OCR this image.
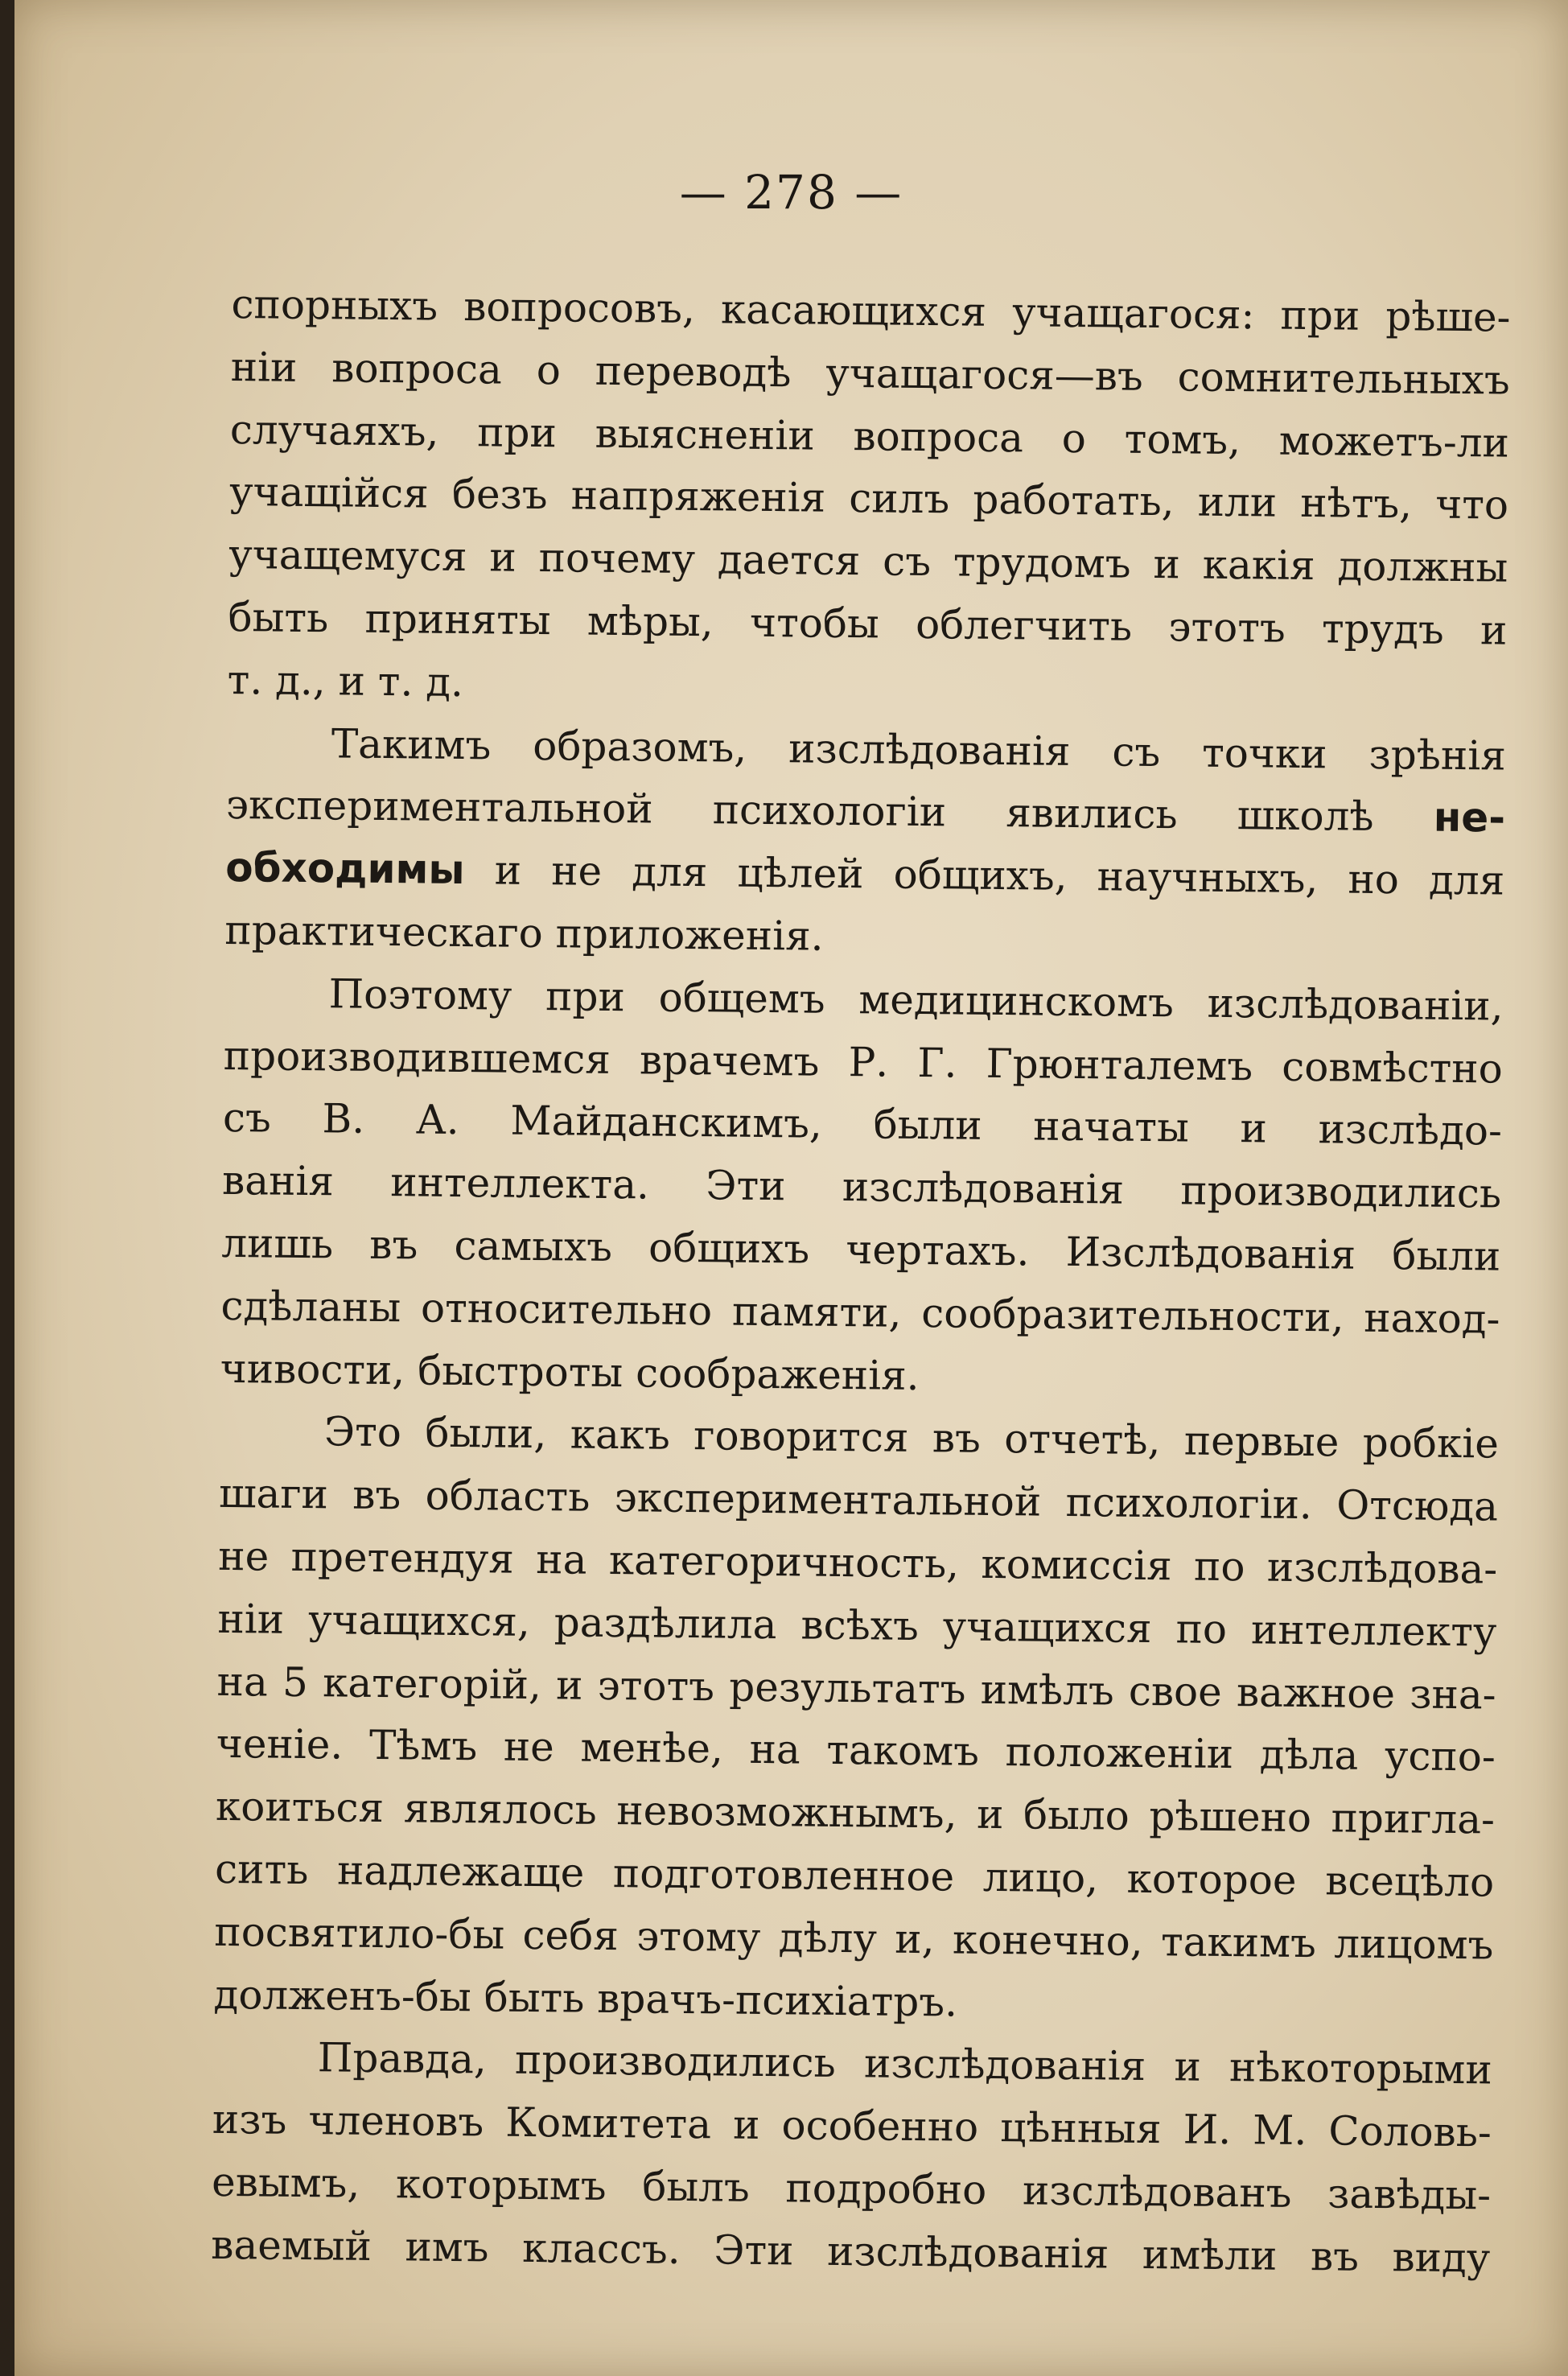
— 278 —

спорныхъ вопросовъ, касающихся учащагося: при рѣше-
нiи вопроса о переводѣ учащагося—въ сомнительныхъ
случаяхъ, при выясненiи вопроса о томъ, можетъ-ли
учащiйся безъ напряженiя силъ работать, или нѣтъ, что
учащемуся и почему дается съ трудомъ и какiя должны
быть приняты мѣры, чтобы облегчить этотъ трудъ и
т. д., и т. д.

Такимъ образомъ, изслѣдованiя съ точки зрѣнiя
экспериментальной психологiи явились школѣ не-
обходимы и не для цѣлей общихъ, научныхъ, но для
практическаго приложенiя.

Поэтому при общемъ медицинскомъ изслѣдованiи,
производившемся врачемъ Р. Г. Грюнталемъ совмѣстно
съ В. А. Майданскимъ, были начаты и изслѣдо-
ванiя интеллекта. Эти изслѣдованiя производились
лишь въ самыхъ общихъ чертахъ. Изслѣдованiя были
сдѣланы относительно памяти, сообразительности, наход-
чивости, быстроты соображенiя.

Это были, какъ говорится въ отчетѣ, первые робкiе
шаги въ область экспериментальной психологiи. Отсюда
не претендуя на категоричность, комиссiя по изслѣдова-
нiи учащихся, раздѣлила всѣхъ учащихся по интеллекту
на 5 категорiй, и этотъ результатъ имѣлъ свое важное зна-
ченiе. Тѣмъ не менѣе, на такомъ положенiи дѣла успо-
коиться являлось невозможнымъ, и было рѣшено пригла-
сить надлежаще подготовленное лицо, которое всецѣло
посвятило-бы себя этому дѣлу и, конечно, такимъ лицомъ
долженъ-бы быть врачъ-психiатръ.

Правда, производились изслѣдованiя и нѣкоторыми
изъ членовъ Комитета и особенно цѣнныя И. М. Соловь-
евымъ, которымъ былъ подробно изслѣдованъ завѣды-
ваемый имъ классъ. Эти изслѣдованiя имѣли въ виду
